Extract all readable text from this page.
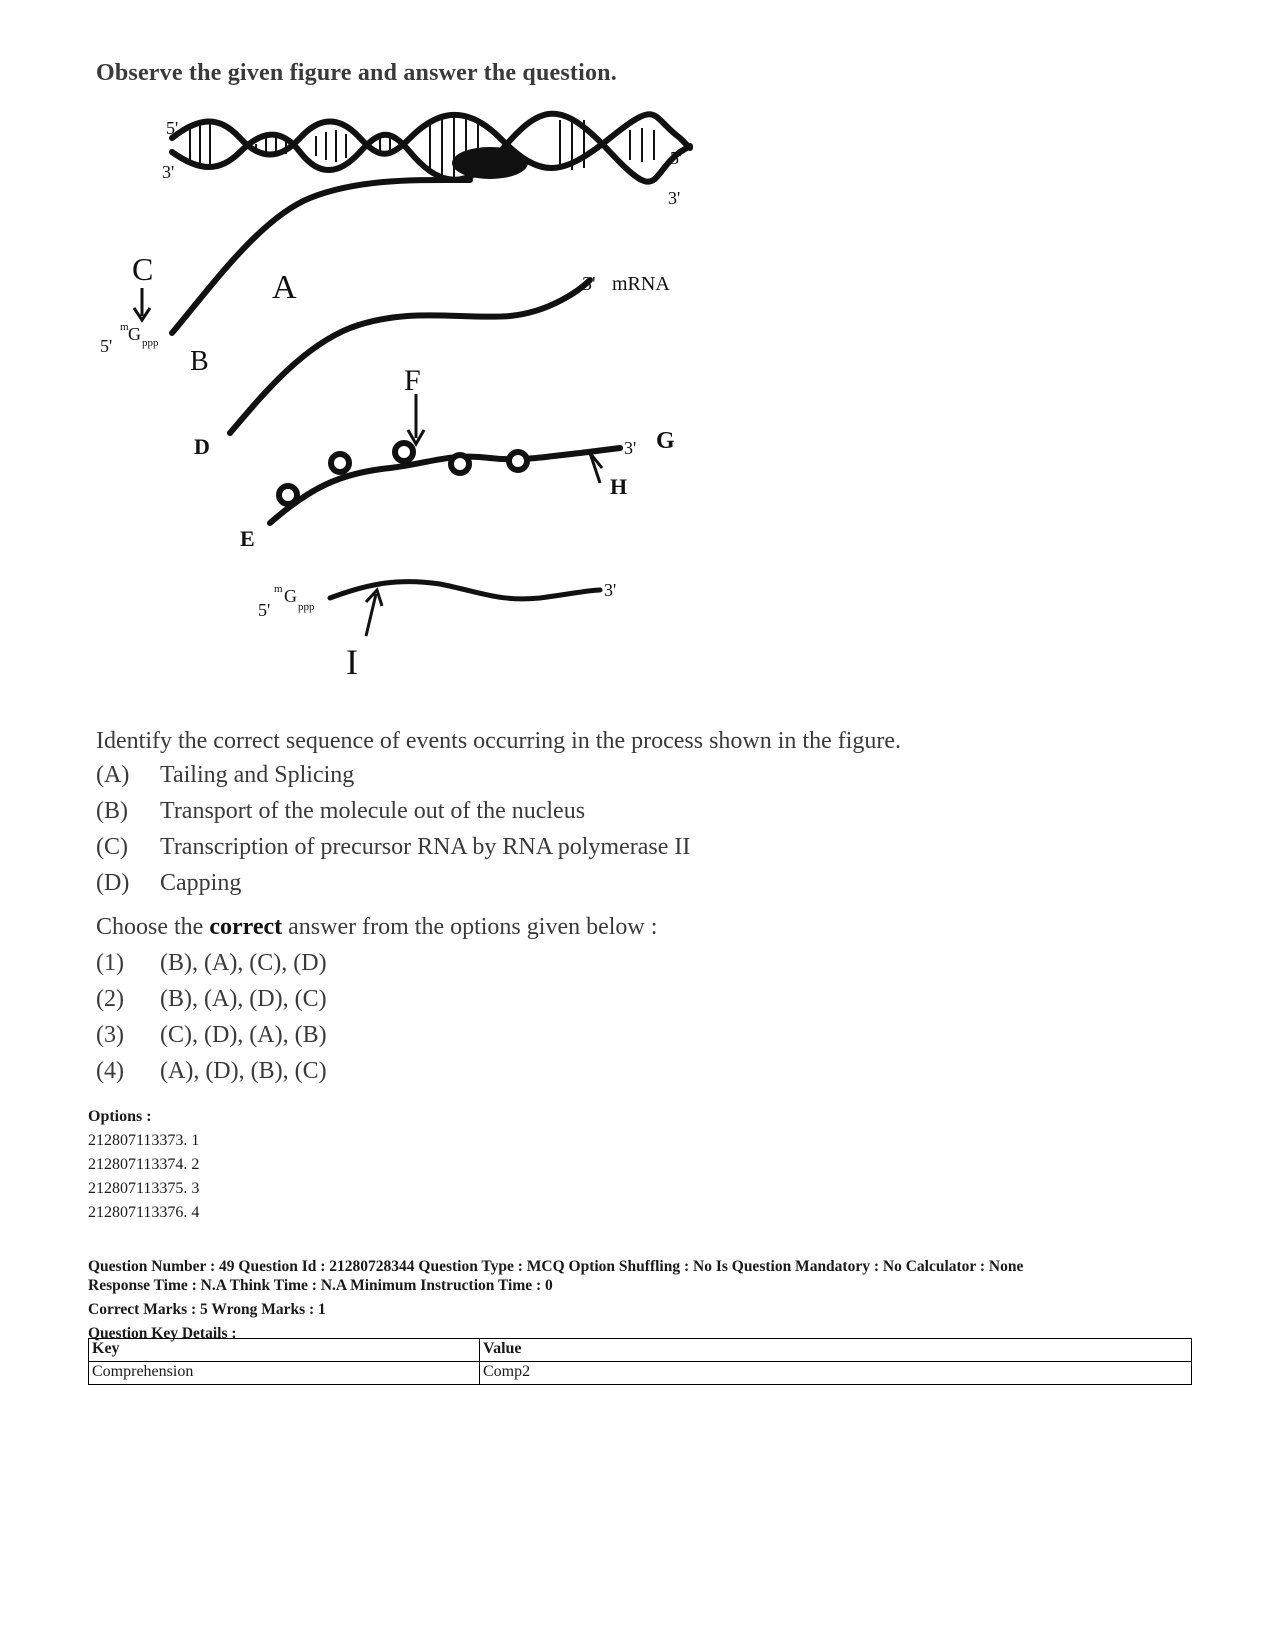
Observe the given figure and answer the question.
5'
3'
5'
3'
C	A
m G ppp
5'	B
3' mRNA
F
D	3' G
H
E
m G
ppp
5'
3'
I
Identify the correct sequence of events occurring in the process shown in the figure.
(A) Tailing and Splicing
(B) Transport of the molecule out of the nucleus
(C) Transcription of precursor RNA by RNA polymerase II
(D) Capping
Choose the correct answer from the options given below :
(1) (B), (A), (C), (D)
(2) (B), (A), (D), (C)
(3) (C), (D), (A), (B)
(4) (A), (D), (B), (C)
Options :
212807113373. 1
212807113374. 2
212807113375. 3
212807113376. 4
Question Number : 49 Question Id : 21280728344 Question Type : MCQ Option Shuffling : No Is Question Mandatory : No Calculator : None
Response Time : N.A Think Time : N.A Minimum Instruction Time : 0
Correct Marks : 5 Wrong Marks : 1
Question Key Details :
Key	Value
Comprehension	Comp2
